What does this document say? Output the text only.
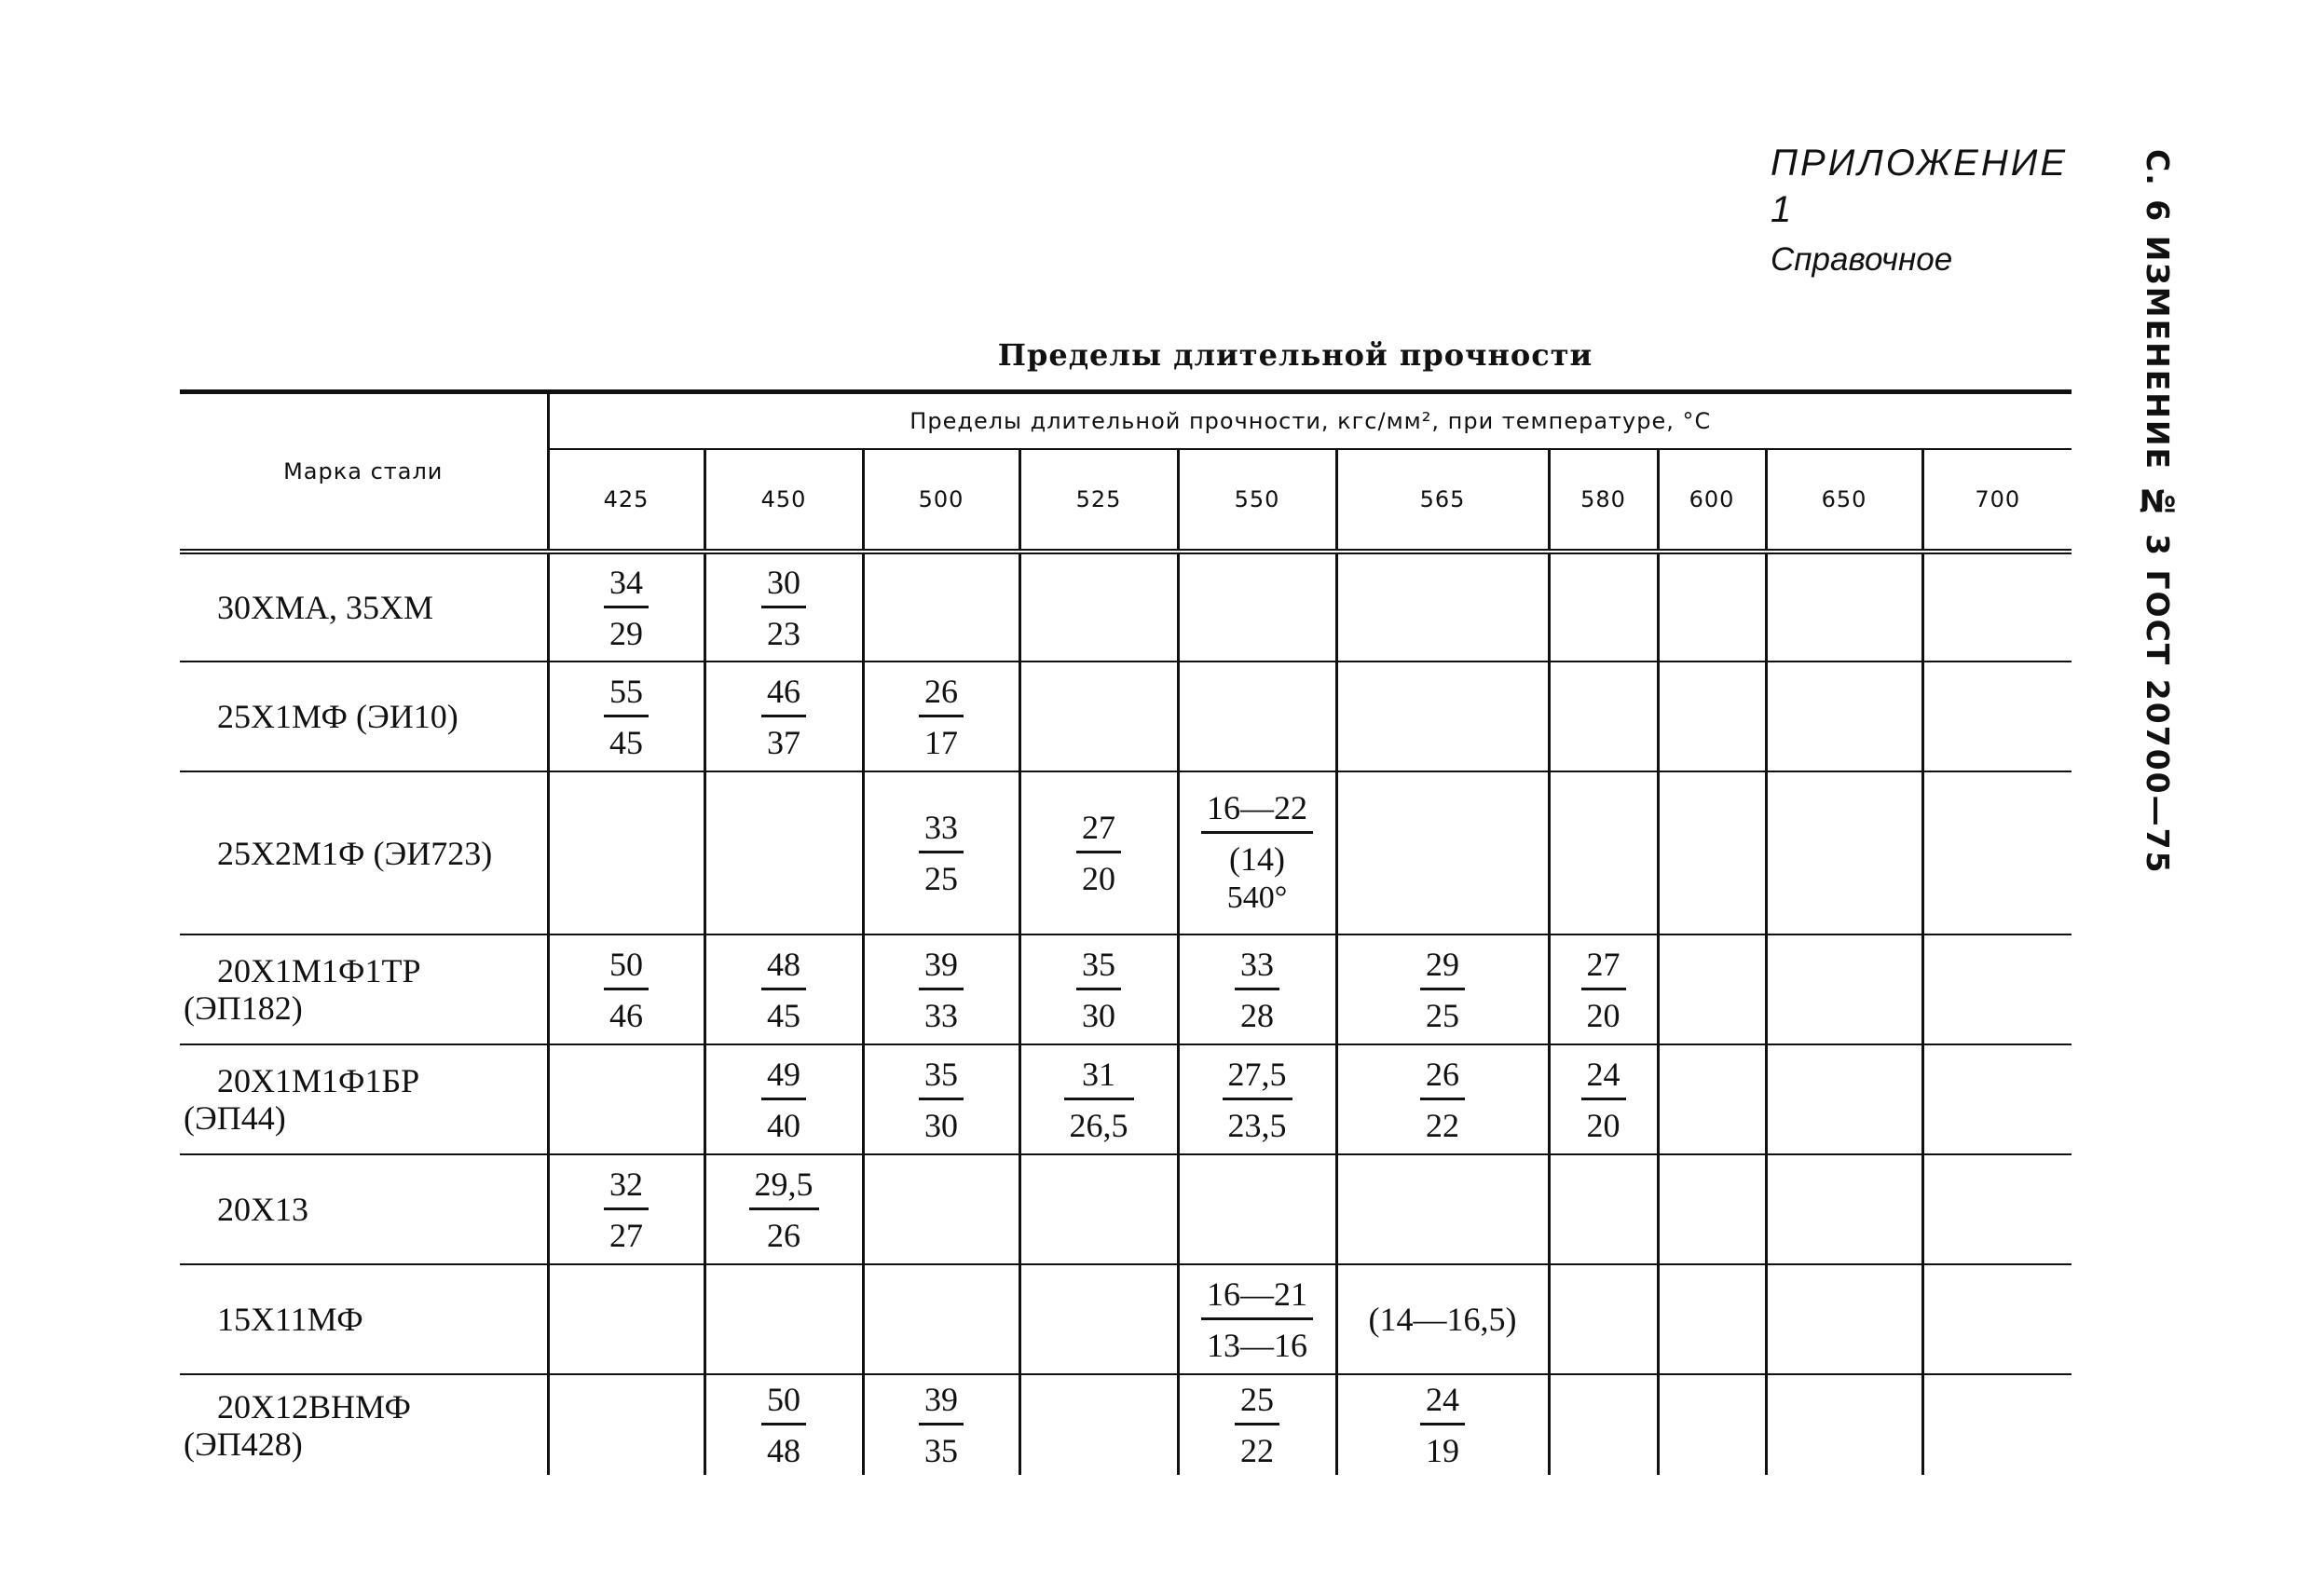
ПРИЛОЖЕНИЕ 1
Справочное	С. 6 ИЗМЕНЕНИЕ № 3 ГОСТ 20700—75
Пределы длительной прочности
Марка стали	Пределы длительной прочности, кгс/мм², при температуре, °С									
	425	450	500	525	550	565	580	600	650	700
30ХМА, 35ХМ	$\frac{34}{29}$	$\frac{30}{23}$

25Х1МФ (ЭИ10)	$\frac{55}{45}$	$\frac{46}{37}$	$\frac{26}{17}$

25Х2М1Ф (ЭИ723)			$\frac{33}{25}$	$\frac{27}{20}$	16—22
(14)
540°					

20Х1М1Ф1ТР
(ЭП182)	$\frac{50}{46}$	$\frac{48}{45}$	$\frac{39}{33}$	$\frac{35}{30}$	$\frac{33}{28}$	$\frac{29}{25}$	$\frac{27}{20}$

20Х1М1Ф1БР
(ЭП44)		$\frac{49}{40}$	$\frac{35}{30}$	$\frac{31}{26,5}$	$\frac{27,5}{23,5}$	$\frac{26}{22}$	$\frac{24}{20}$

20Х13	$\frac{32}{27}$	$\frac{29,5}{26}$

15Х11МФ					$\frac{16—21}{13—16}$	(14—16,5)				

20Х12ВНМФ
(ЭП428)		$\frac{50}{48}$	$\frac{39}{35}$		$\frac{25}{22}$	$\frac{24}{19}$
